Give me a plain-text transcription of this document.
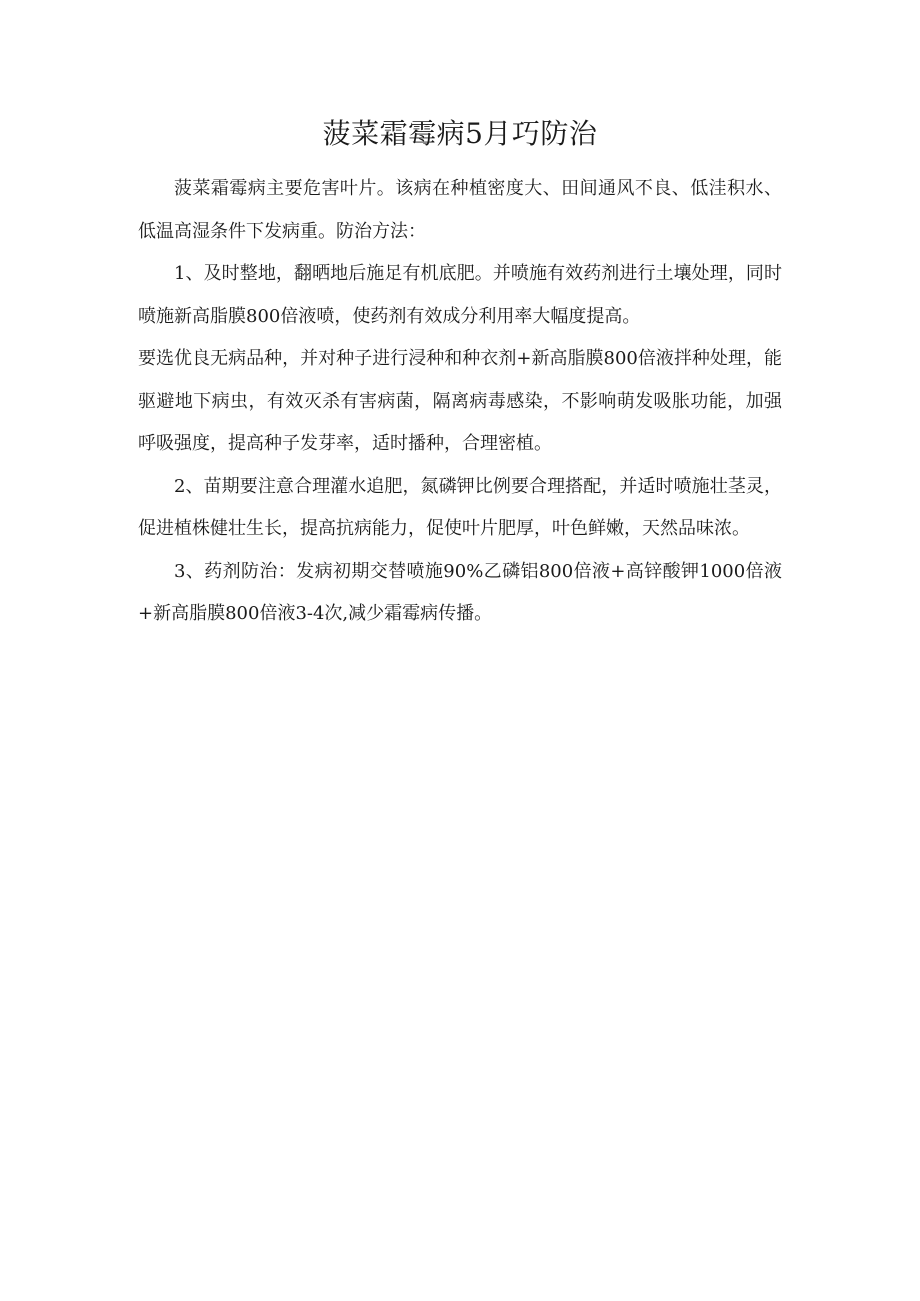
菠菜霜霉病5月巧防治

菠菜霜霉病主要危害叶片。该病在种植密度大、田间通风不良、低洼积水、低温高湿条件下发病重。防治方法：

1、及时整地，翻晒地后施足有机底肥。并喷施有效药剂进行土壤处理，同时喷施新高脂膜800倍液喷，使药剂有效成分利用率大幅度提高。

要选优良无病品种，并对种子进行浸种和种衣剂+新高脂膜800倍液拌种处理，能驱避地下病虫，有效灭杀有害病菌，隔离病毒感染，不影响萌发吸胀功能，加强呼吸强度，提高种子发芽率，适时播种，合理密植。

2、苗期要注意合理灌水追肥，氮磷钾比例要合理搭配，并适时喷施壮茎灵，促进植株健壮生长，提高抗病能力，促使叶片肥厚，叶色鲜嫩，天然品味浓。

3、药剂防治：发病初期交替喷施90%乙磷铝800倍液+高锌酸钾1000倍液+新高脂膜800倍液3-4次,减少霜霉病传播。
